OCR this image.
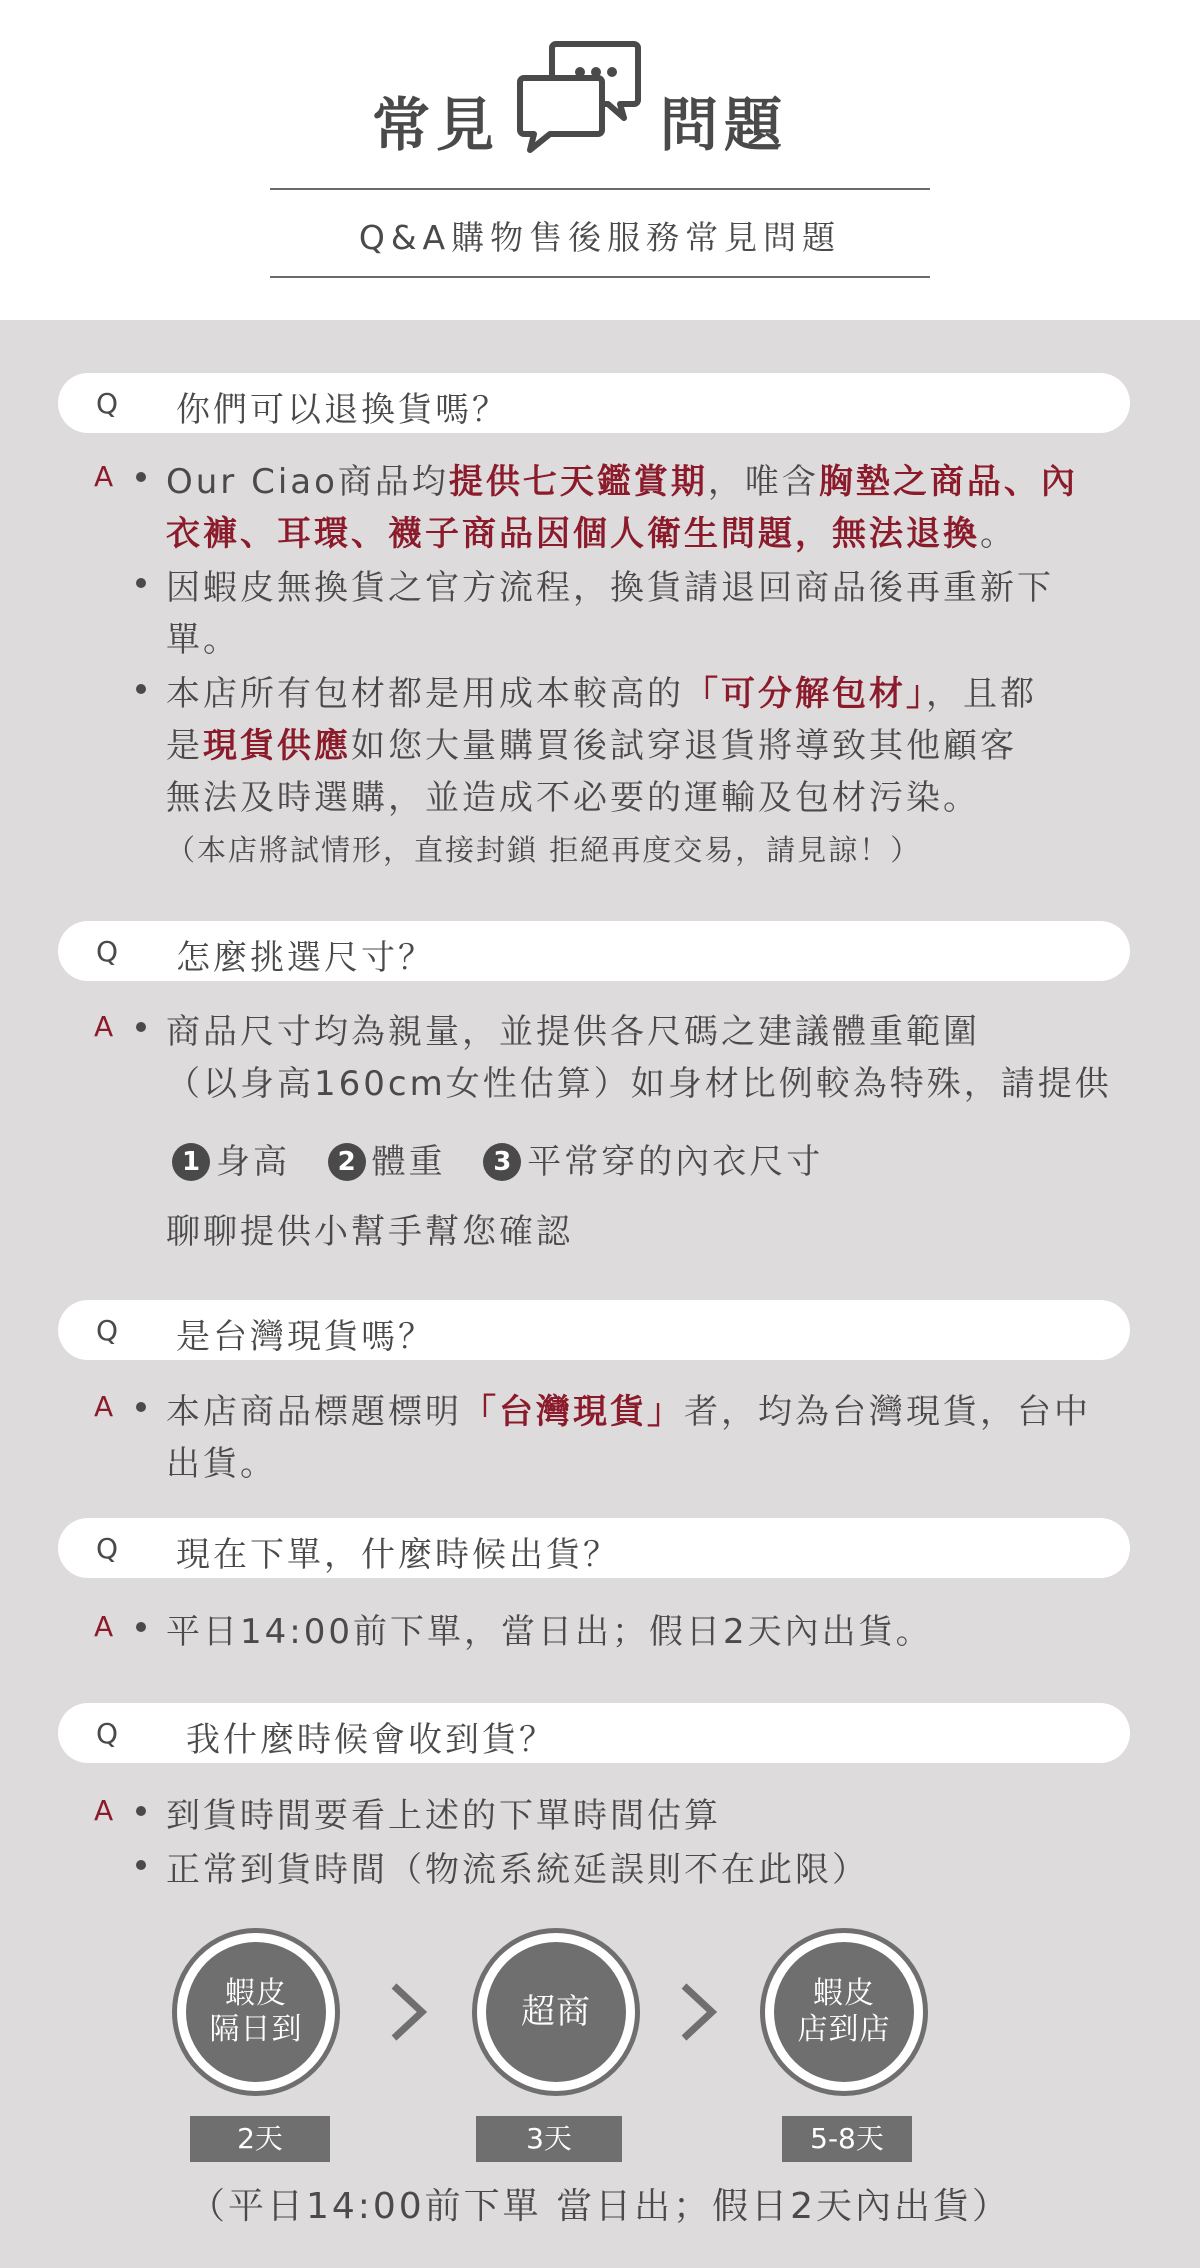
常見	問題
Q&A購物售後服務常見問題
Q 你們可以退換貨嗎？
A Our Ciao商品均提供七天鑑賞期，唯含胸墊之商品、內
衣褲、耳環、襪子商品因個人衛生問題，無法退換。
因蝦皮無換貨之官方流程，換貨請退回商品後再重新下
單。
本店所有包材都是用成本較高的「可分解包材」，且都
是現貨供應如您大量購買後試穿退貨將導致其他顧客
無法及時選購，並造成不必要的運輸及包材污染。
（本店將試情形，直接封鎖 拒絕再度交易，請見諒！）
Q 怎麼挑選尺寸？
A 商品尺寸均為親量，並提供各尺碼之建議體重範圍
（以身高160cm女性估算）如身材比例較為特殊，請提供
1 身高 2 體重 3 平常穿的內衣尺寸
聊聊提供小幫手幫您確認
Q 是台灣現貨嗎？
A 本店商品標題標明「台灣現貨」者，均為台灣現貨，台中
出貨。
Q 現在下單，什麼時候出貨？
A 平日14:00前下單，當日出；假日2天內出貨。
Q 我什麼時候會收到貨？
A 到貨時間要看上述的下單時間估算
正常到貨時間（物流系統延誤則不在此限）
蝦皮
隔日到	超商	蝦皮
店到店
2天	3天	5-8天
（平日14:00前下單 當日出；假日2天內出貨）
